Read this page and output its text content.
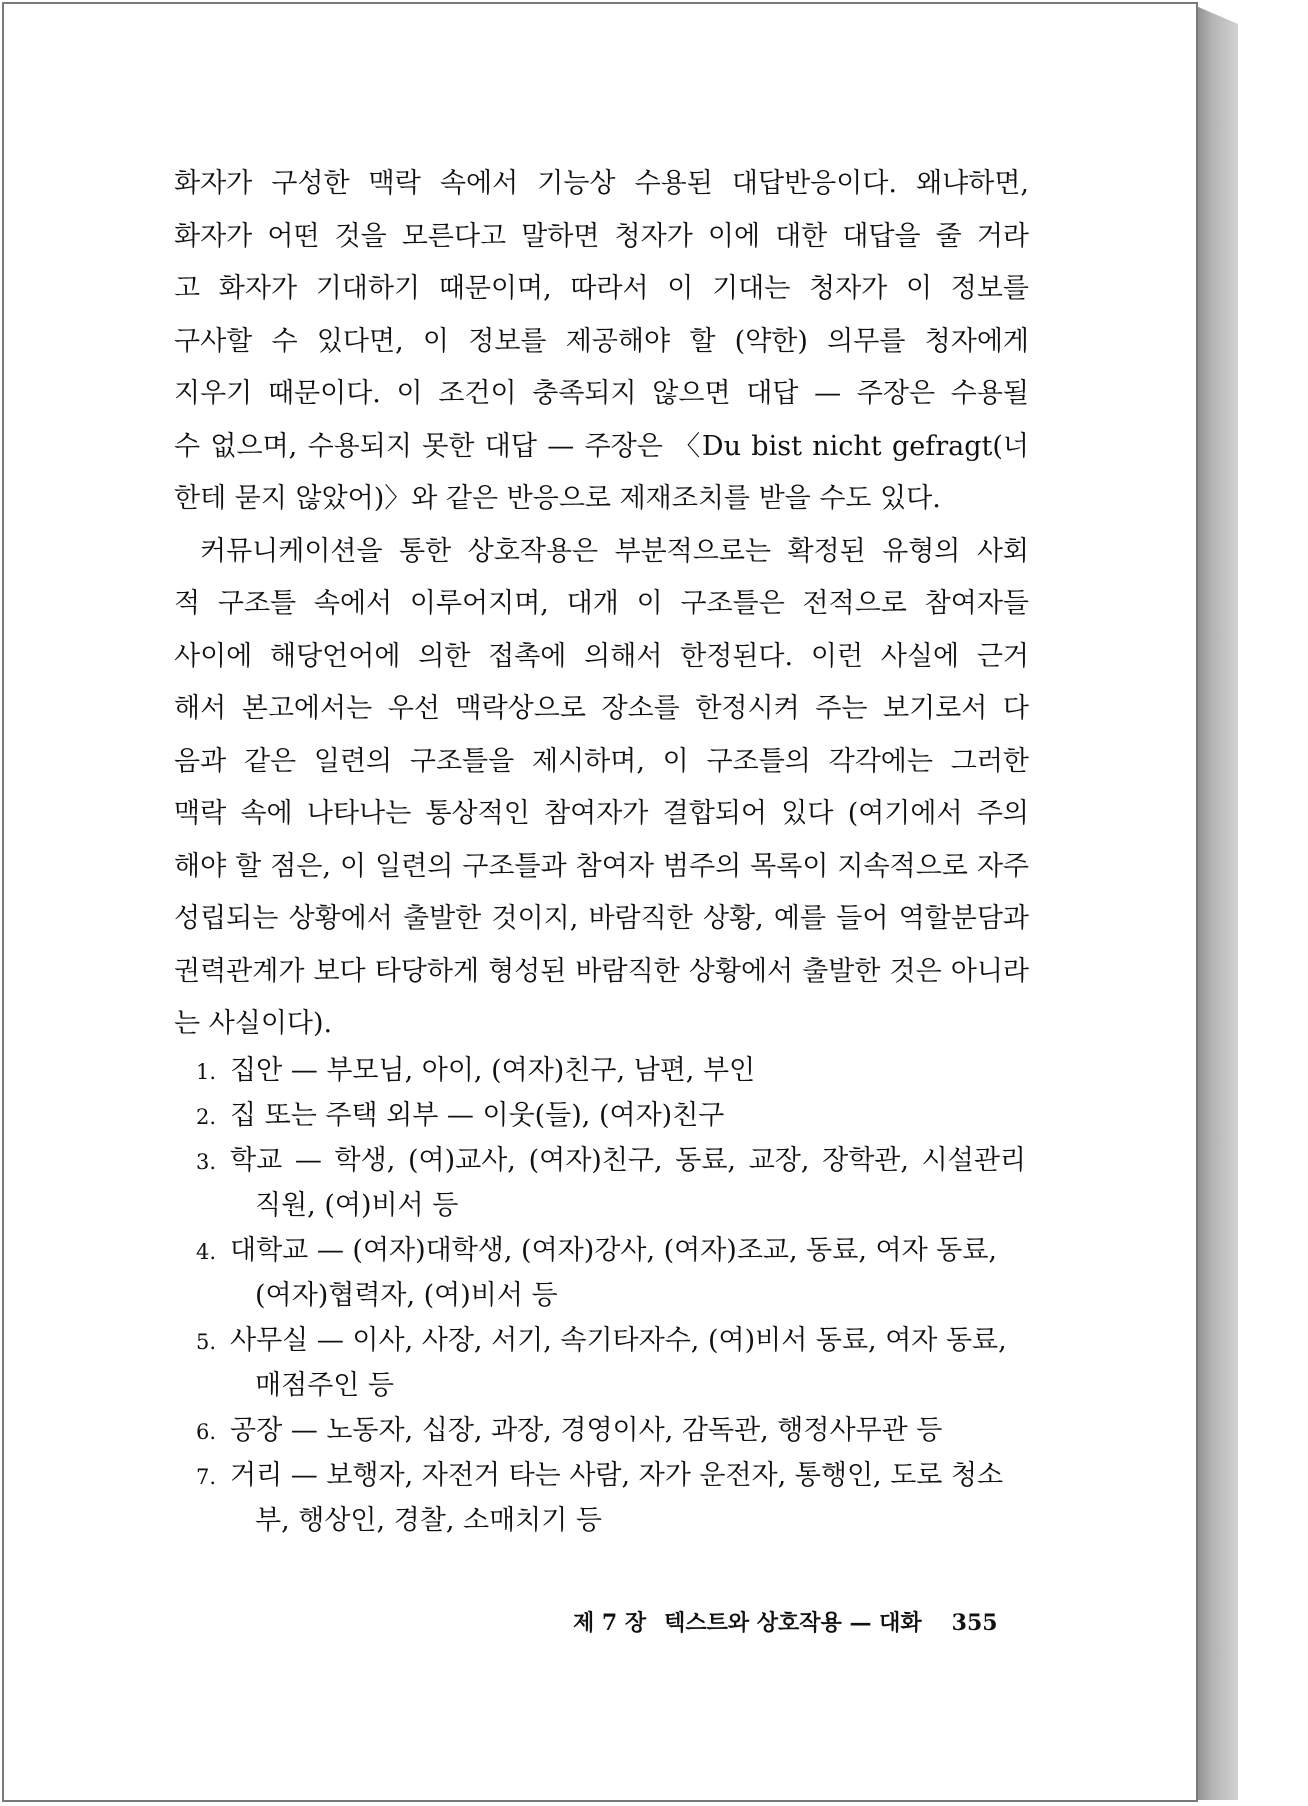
화자가 구성한 맥락 속에서 기능상 수용된 대답반응이다. 왜냐하면,
화자가 어떤 것을 모른다고 말하면 청자가 이에 대한 대답을 줄 거라
고 화자가 기대하기 때문이며, 따라서 이 기대는 청자가 이 정보를
구사할 수 있다면, 이 정보를 제공해야 할 (약한) 의무를 청자에게
지우기 때문이다. 이 조건이 충족되지 않으면 대답 — 주장은 수용될
수 없으며, 수용되지 못한 대답 — 주장은 〈Du bist nicht gefragt(너
한테 묻지 않았어)〉와 같은 반응으로 제재조치를 받을 수도 있다.
커뮤니케이션을 통한 상호작용은 부분적으로는 확정된 유형의 사회
적 구조틀 속에서 이루어지며, 대개 이 구조틀은 전적으로 참여자들
사이에 해당언어에 의한 접촉에 의해서 한정된다. 이런 사실에 근거
해서 본고에서는 우선 맥락상으로 장소를 한정시켜 주는 보기로서 다
음과 같은 일련의 구조틀을 제시하며, 이 구조틀의 각각에는 그러한
맥락 속에 나타나는 통상적인 참여자가 결합되어 있다 (여기에서 주의
해야 할 점은, 이 일련의 구조틀과 참여자 범주의 목록이 지속적으로 자주
성립되는 상황에서 출발한 것이지, 바람직한 상황, 예를 들어 역할분담과
권력관계가 보다 타당하게 형성된 바람직한 상황에서 출발한 것은 아니라
는 사실이다).
1. 집안 — 부모님, 아이, (여자)친구, 남편, 부인
2. 집 또는 주택 외부 — 이웃(들), (여자)친구
3. 학교 — 학생, (여)교사, (여자)친구, 동료, 교장, 장학관, 시설관리
직원, (여)비서 등
4. 대학교 — (여자)대학생, (여자)강사, (여자)조교, 동료, 여자 동료,
(여자)협력자, (여)비서 등
5. 사무실 — 이사, 사장, 서기, 속기타자수, (여)비서 동료, 여자 동료,
매점주인 등
6. 공장 — 노동자, 십장, 과장, 경영이사, 감독관, 행정사무관 등
7. 거리 — 보행자, 자전거 타는 사람, 자가 운전자, 통행인, 도로 청소
부, 행상인, 경찰, 소매치기 등
제 7 장 텍스트와 상호작용 — 대화 355
